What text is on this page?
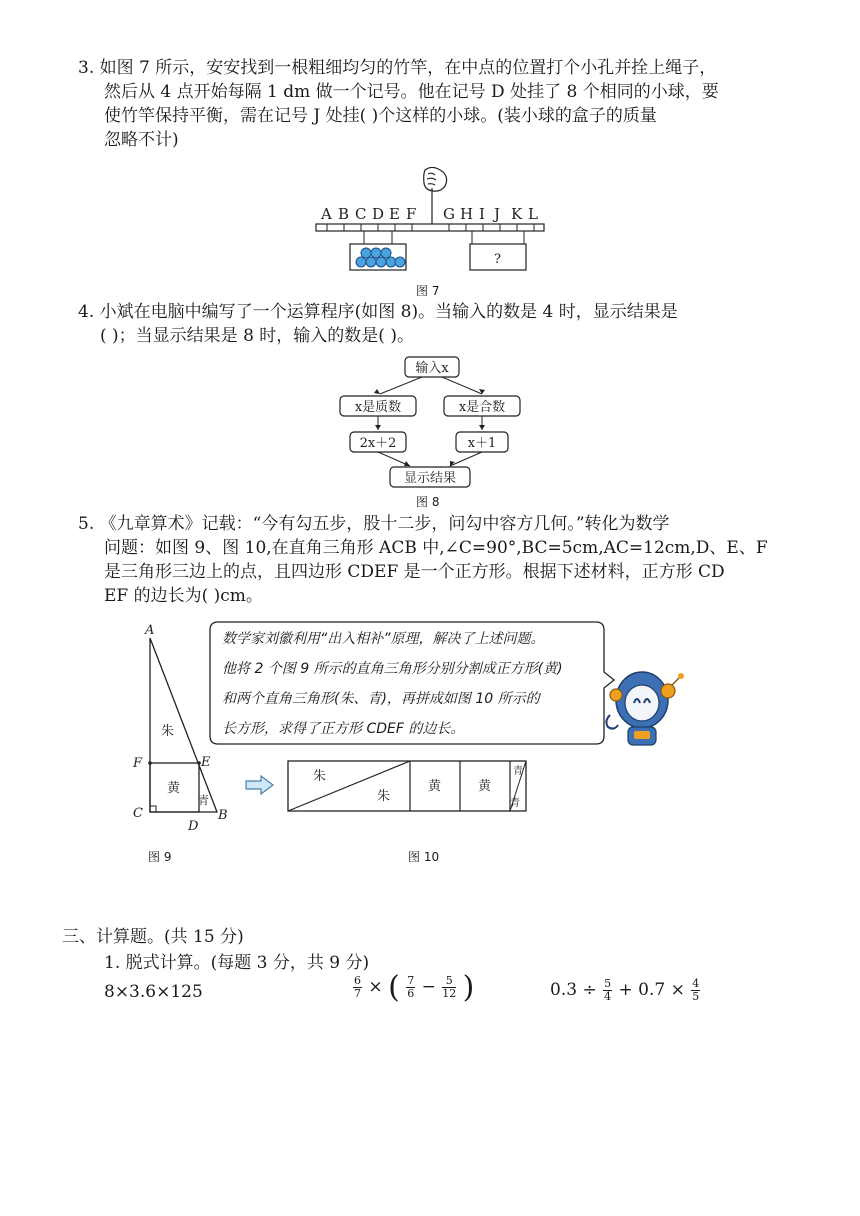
3. 如图 7 所示，安安找到一根粗细均匀的竹竿，在中点的位置打个小孔并拴上绳子，
然后从 4 点开始每隔 1 dm 做一个记号。他在记号 D 处挂了 8 个相同的小球，要
使竹竿保持平衡，需在记号 J 处挂( )个这样的小球。(装小球的盒子的质量
忽略不计)
A B C D E F G H I J K L
?
图 7
4. 小斌在电脑中编写了一个运算程序(如图 8)。当输入的数是 4 时，显示结果是
( )；当显示结果是 8 时，输入的数是( )。
输入x
x是质数	x是合数
2x＋2	x＋1
显示结果
图 8
5. 《九章算术》记载：“今有勾五步，股十二步，问勾中容方几何。”转化为数学
问题：如图 9、图 10,在直角三角形 ACB 中,∠C=90°,BC=5cm,AC=12cm,D、E、F
是三角形三边上的点，且四边形 CDEF 是一个正方形。根据下述材料，正方形 CD
EF 的边长为( )cm。
A
F	E
C
D
B
朱
黄
青
图 9
朱
朱
黄	黄
青
青
图 10
数学家刘徽利用“出入相补”原理，解决了上述问题。
他将 2 个图 9 所示的直角三角形分别分割成正方形(黄)
和两个直角三角形(朱、青)，再拼成如图 10 所示的
长方形，求得了正方形 CDEF 的边长。
三、计算题。(共 15 分)
1. 脱式计算。(每题 3 分，共 9 分)
8×3.6×125	$\frac{6}{7}$ × ( $\frac{7}{6} - \frac{5}{12}$ )	$0.3 \div \frac{5}{4} + 0.7 \times \frac{4}{5}$
